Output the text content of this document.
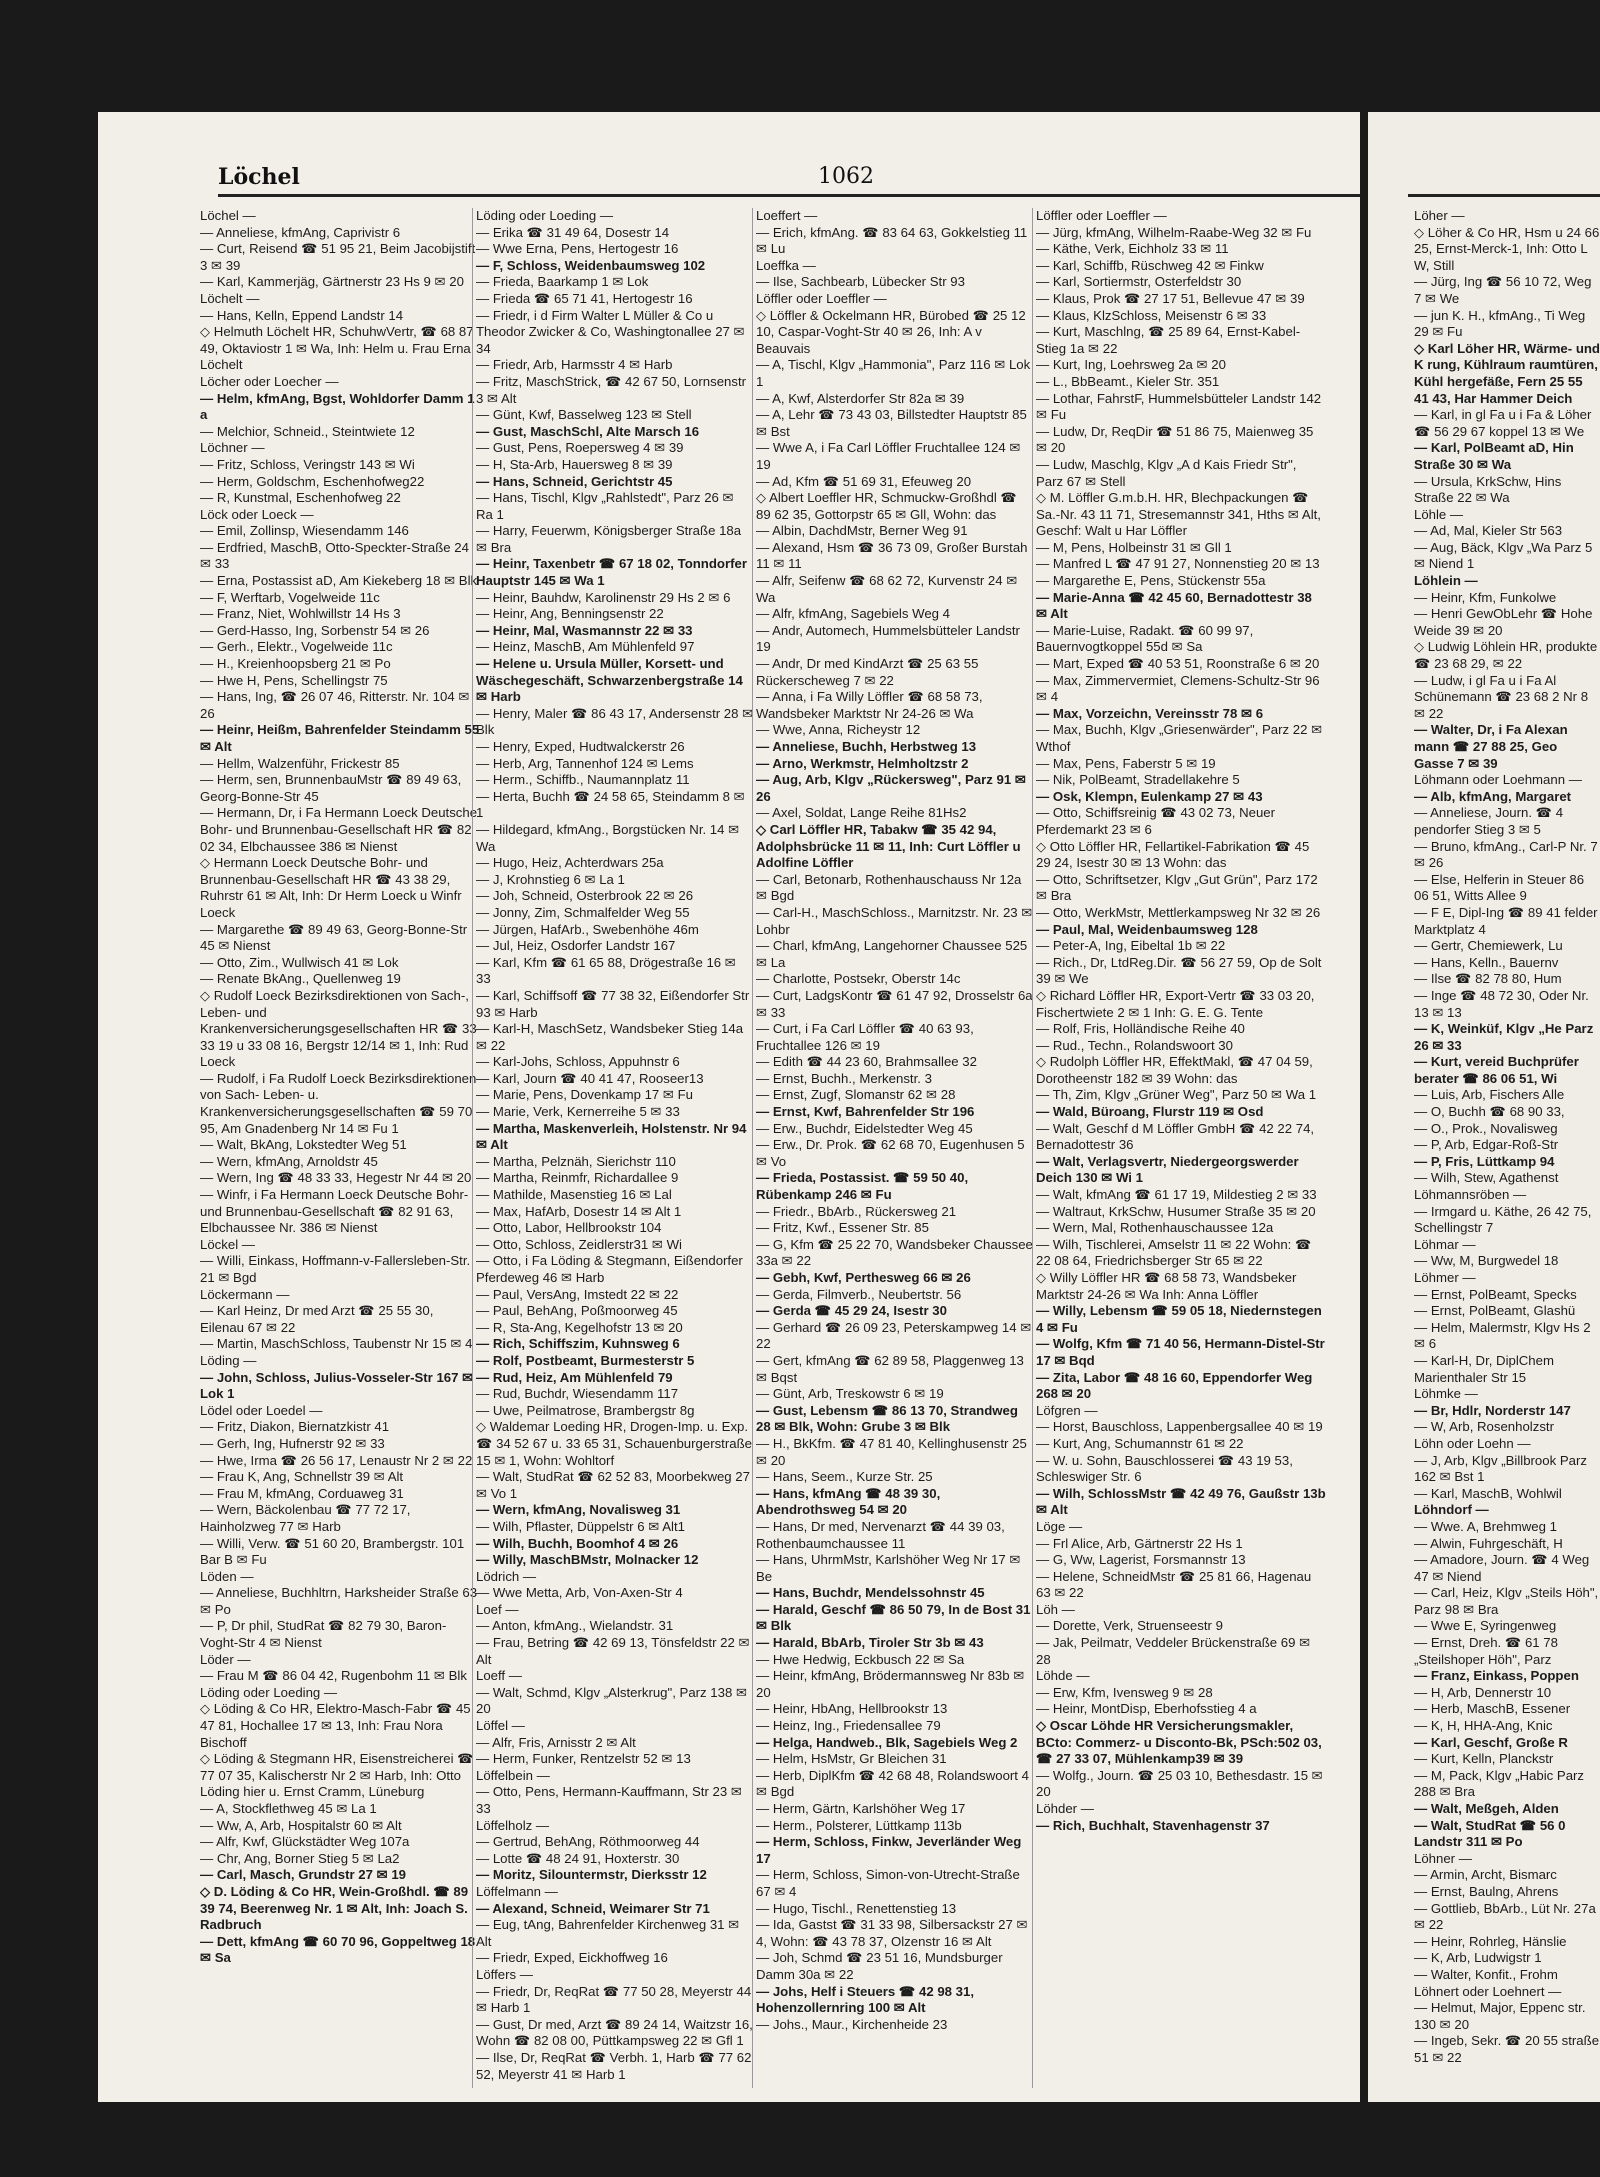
Löchel	1062
Löchel —
— Anneliese, kfmAng, Caprivistr 6
— Curt, Reisend ☎ 51 95 21, Beim Jacobijstift 3 ✉ 39
— Karl, Kammerjäg, Gärtnerstr 23 Hs 9 ✉ 20
Löchelt —
— Hans, Kelln, Eppend Landstr 14
◇ Helmuth Löchelt HR, SchuhwVertr, ☎ 68 87 49, Oktaviostr 1 ✉ Wa, Inh: Helm u. Frau Erna Löchelt
Löcher oder Loecher —
— Helm, kfmAng, Bgst, Wohldorfer Damm 1 a
— Melchior, Schneid., Steintwiete 12
Löchner —
— Fritz, Schloss, Veringstr 143 ✉ Wi
— Herm, Goldschm, Eschenhofweg22
— R, Kunstmal, Eschenhofweg 22
Löck oder Loeck —
— Emil, Zollinsp, Wiesendamm 146
— Erdfried, MaschB, Otto-Speckter-Straße 24 ✉ 33
— Erna, Postassist aD, Am Kiekeberg 18 ✉ Blk
— F, Werftarb, Vogelweide 11c
— Franz, Niet, Wohlwillstr 14 Hs 3
— Gerd-Hasso, Ing, Sorbenstr 54 ✉ 26
— Gerh., Elektr., Vogelweide 11c
— H., Kreienhoopsberg 21 ✉ Po
— Hwe H, Pens, Schellingstr 75
— Hans, Ing, ☎ 26 07 46, Ritterstr. Nr. 104 ✉ 26
— Heinr, Heißm, Bahrenfelder Steindamm 55 ✉ Alt
— Hellm, Walzenführ, Frickestr 85
— Herm, sen, BrunnenbauMstr ☎ 89 49 63, Georg-Bonne-Str 45
— Hermann, Dr, i Fa Hermann Loeck Deutsche Bohr- und Brunnenbau-Gesellschaft HR ☎ 82 02 34, Elbchaussee 386 ✉ Nienst
◇ Hermann Loeck Deutsche Bohr- und Brunnenbau-Gesellschaft HR ☎ 43 38 29, Ruhrstr 61 ✉ Alt, Inh: Dr Herm Loeck u Winfr Loeck
— Margarethe ☎ 89 49 63, Georg-Bonne-Str 45 ✉ Nienst
— Otto, Zim., Wullwisch 41 ✉ Lok
— Renate BkAng., Quellenweg 19
◇ Rudolf Loeck Bezirksdirektionen von Sach-, Leben- und Krankenversicherungsgesellschaften HR ☎ 33 33 19 u 33 08 16, Bergstr 12/14 ✉ 1, Inh: Rud Loeck
— Rudolf, i Fa Rudolf Loeck Bezirksdirektionen von Sach- Leben- u. Krankenversicherungsgesellschaften ☎ 59 70 95, Am Gnadenberg Nr 14 ✉ Fu 1
— Walt, BkAng, Lokstedter Weg 51
— Wern, kfmAng, Arnoldstr 45
— Wern, Ing ☎ 48 33 33, Hegestr Nr 44 ✉ 20
— Winfr, i Fa Hermann Loeck Deutsche Bohr- und Brunnenbau-Gesellschaft ☎ 82 91 63, Elbchaussee Nr. 386 ✉ Nienst
Löckel —
— Willi, Einkass, Hoffmann-v-Fallersleben-Str. 21 ✉ Bgd
Löckermann —
— Karl Heinz, Dr med Arzt ☎ 25 55 30, Eilenau 67 ✉ 22
— Martin, MaschSchloss, Taubenstr Nr 15 ✉ 4
Löding —
— John, Schloss, Julius-Vosseler-Str 167 ✉ Lok 1
Lödel oder Loedel —
— Fritz, Diakon, Biernatzkistr 41
— Gerh, Ing, Hufnerstr 92 ✉ 33
— Hwe, Irma ☎ 26 56 17, Lenaustr Nr 2 ✉ 22
— Frau K, Ang, Schnellstr 39 ✉ Alt
— Frau M, kfmAng, Corduaweg 31
— Wern, Bäckolenbau ☎ 77 72 17, Hainholzweg 77 ✉ Harb
— Willi, Verw. ☎ 51 60 20, Brambergstr. 101 Bar B ✉ Fu
Löden —
— Anneliese, Buchhltrn, Harksheider Straße 63 ✉ Po
— P, Dr phil, StudRat ☎ 82 79 30, Baron-Voght-Str 4 ✉ Nienst
Löder —
— Frau M ☎ 86 04 42, Rugenbohm 11 ✉ Blk
Löding oder Loeding —
◇ Löding & Co HR, Elektro-Masch-Fabr ☎ 45 47 81, Hochallee 17 ✉ 13, Inh: Frau Nora Bischoff
◇ Löding & Stegmann HR, Eisenstreicherei ☎ 77 07 35, Kalischerstr Nr 2 ✉ Harb, Inh: Otto Löding hier u. Ernst Cramm, Lüneburg
— A, Stockflethweg 45 ✉ La 1
— Ww, A, Arb, Hospitalstr 60 ✉ Alt
— Alfr, Kwf, Glückstädter Weg 107a
— Chr, Ang, Borner Stieg 5 ✉ La2
— Carl, Masch, Grundstr 27 ✉ 19
◇ D. Löding & Co HR, Wein-Großhdl. ☎ 89 39 74, Beerenweg Nr. 1 ✉ Alt, Inh: Joach S. Radbruch
— Dett, kfmAng ☎ 60 70 96, Goppeltweg 18 ✉ Sa
Löding oder Loeding —
— Erika ☎ 31 49 64, Dosestr 14
— Wwe Erna, Pens, Hertogestr 16
— F, Schloss, Weidenbaumsweg 102
— Frieda, Baarkamp 1 ✉ Lok
— Frieda ☎ 65 71 41, Hertogestr 16
— Friedr, i d Firm Walter L Müller & Co u Theodor Zwicker & Co, Washingtonallee 27 ✉ 34
— Friedr, Arb, Harmsstr 4 ✉ Harb
— Fritz, MaschStrick, ☎ 42 67 50, Lornsenstr 3 ✉ Alt
— Günt, Kwf, Basselweg 123 ✉ Stell
— Gust, MaschSchl, Alte Marsch 16
— Gust, Pens, Roepersweg 4 ✉ 39
— H, Sta-Arb, Hauersweg 8 ✉ 39
— Hans, Schneid, Gerichtstr 45
— Hans, Tischl, Klgv „Rahlstedt", Parz 26 ✉ Ra 1
— Harry, Feuerwm, Königsberger Straße 18a ✉ Bra
— Heinr, Taxenbetr ☎ 67 18 02, Tonndorfer Hauptstr 145 ✉ Wa 1
— Heinr, Bauhdw, Karolinenstr 29 Hs 2 ✉ 6
— Heinr, Ang, Benningsenstr 22
— Heinr, Mal, Wasmannstr 22 ✉ 33
— Heinz, MaschB, Am Mühlenfeld 97
— Helene u. Ursula Müller, Korsett- und Wäschegeschäft, Schwarzenbergstraße 14 ✉ Harb
— Henry, Maler ☎ 86 43 17, Andersenstr 28 ✉ Blk
— Henry, Exped, Hudtwalckerstr 26
— Herb, Arg, Tannenhof 124 ✉ Lems
— Herm., Schiffb., Naumannplatz 11
— Herta, Buchh ☎ 24 58 65, Steindamm 8 ✉ 1
— Hildegard, kfmAng., Borgstücken Nr. 14 ✉ Wa
— Hugo, Heiz, Achterdwars 25a
— J, Krohnstieg 6 ✉ La 1
— Joh, Schneid, Osterbrook 22 ✉ 26
— Jonny, Zim, Schmalfelder Weg 55
— Jürgen, HafArb., Swebenhöhe 46m
— Jul, Heiz, Osdorfer Landstr 167
— Karl, Kfm ☎ 61 65 88, Drögestraße 16 ✉ 33
— Karl, Schiffsoff ☎ 77 38 32, Eißendorfer Str 93 ✉ Harb
— Karl-H, MaschSetz, Wandsbeker Stieg 14a ✉ 22
— Karl-Johs, Schloss, Appuhnstr 6
— Karl, Journ ☎ 40 41 47, Rooseer13
— Marie, Pens, Dovenkamp 17 ✉ Fu
— Marie, Verk, Kernerreihe 5 ✉ 33
— Martha, Maskenverleih, Holstenstr. Nr 94 ✉ Alt
— Martha, Pelznäh, Sierichstr 110
— Martha, Reinmfr, Richardallee 9
— Mathilde, Masenstieg 16 ✉ Lal
— Max, HafArb, Dosestr 14 ✉ Alt 1
— Otto, Labor, Hellbrookstr 104
— Otto, Schloss, Zeidlerstr31 ✉ Wi
— Otto, i Fa Löding & Stegmann, Eißendorfer Pferdeweg 46 ✉ Harb
— Paul, VersAng, Imstedt 22 ✉ 22
— Paul, BehAng, Poßmoorweg 45
— R, Sta-Ang, Kegelhofstr 13 ✉ 20
— Rich, Schiffszim, Kuhnsweg 6
— Rolf, Postbeamt, Burmesterstr 5
— Rud, Heiz, Am Mühlenfeld 79
— Rud, Buchdr, Wiesendamm 117
— Uwe, Peilmatrose, Brambergstr 8g
◇ Waldemar Loeding HR, Drogen-Imp. u. Exp. ☎ 34 52 67 u. 33 65 31, Schauenburgerstraße 15 ✉ 1, Wohn: Wohltorf
— Walt, StudRat ☎ 62 52 83, Moorbekweg 27 ✉ Vo 1
— Wern, kfmAng, Novalisweg 31
— Wilh, Pflaster, Düppelstr 6 ✉ Alt1
— Wilh, Buchh, Boomhof 4 ✉ 26
— Willy, MaschBMstr, Molnacker 12
Lödrich —
— Wwe Metta, Arb, Von-Axen-Str 4
Loef —
— Anton, kfmAng., Wielandstr. 31
— Frau, Betring ☎ 42 69 13, Tönsfeldstr 22 ✉ Alt
Loeff —
— Walt, Schmd, Klgv „Alsterkrug", Parz 138 ✉ 20
Löffel —
— Alfr, Fris, Arnisstr 2 ✉ Alt
— Herm, Funker, Rentzelstr 52 ✉ 13
Löffelbein —
— Otto, Pens, Hermann-Kauffmann, Str 23 ✉ 33
Löffelholz —
— Gertrud, BehAng, Röthmoorweg 44
— Lotte ☎ 48 24 91, Hoxterstr. 30
— Moritz, Silountermstr, Dierksstr 12
Löffelmann —
— Alexand, Schneid, Weimarer Str 71
— Eug, tAng, Bahrenfelder Kirchenweg 31 ✉ Alt
— Friedr, Exped, Eickhoffweg 16
Löffers —
— Friedr, Dr, ReqRat ☎ 77 50 28, Meyerstr 44 ✉ Harb 1
— Gust, Dr med, Arzt ☎ 89 24 14, Waitzstr 16, Wohn ☎ 82 08 00, Püttkampsweg 22 ✉ Gfl 1
— Ilse, Dr, ReqRat ☎ Verbh. 1, Harb ☎ 77 62 52, Meyerstr 41 ✉ Harb 1
Loeffert —
— Erich, kfmAng. ☎ 83 64 63, Gokkelstieg 11 ✉ Lu
Loeffka —
— Ilse, Sachbearb, Lübecker Str 93
Löffler oder Loeffler —
◇ Löffler & Ockelmann HR, Bürobed ☎ 25 12 10, Caspar-Voght-Str 40 ✉ 26, Inh: A v Beauvais
— A, Tischl, Klgv „Hammonia", Parz 116 ✉ Lok 1
— A, Kwf, Alsterdorfer Str 82a ✉ 39
— A, Lehr ☎ 73 43 03, Billstedter Hauptstr 85 ✉ Bst
— Wwe A, i Fa Carl Löffler Fruchtallee 124 ✉ 19
— Ad, Kfm ☎ 51 69 31, Efeuweg 20
◇ Albert Loeffler HR, Schmuckw-Großhdl ☎ 89 62 35, Gottorpstr 65 ✉ Gll, Wohn: das
— Albin, DachdMstr, Berner Weg 91
— Alexand, Hsm ☎ 36 73 09, Großer Burstah 11 ✉ 11
— Alfr, Seifenw ☎ 68 62 72, Kurvenstr 24 ✉ Wa
— Alfr, kfmAng, Sagebiels Weg 4
— Andr, Automech, Hummelsbütteler Landstr 19
— Andr, Dr med KindArzt ☎ 25 63 55 Rückerscheweg 7 ✉ 22
— Anna, i Fa Willy Löffler ☎ 68 58 73, Wandsbeker Marktstr Nr 24-26 ✉ Wa
— Wwe, Anna, Richeystr 12
— Anneliese, Buchh, Herbstweg 13
— Arno, Werkmstr, Helmholtzstr 2
— Aug, Arb, Klgv „Rückersweg", Parz 91 ✉ 26
— Axel, Soldat, Lange Reihe 81Hs2
◇ Carl Löffler HR, Tabakw ☎ 35 42 94, Adolphsbrücke 11 ✉ 11, Inh: Curt Löffler u Adolfine Löffler
— Carl, Betonarb, Rothenhauschauss Nr 12a ✉ Bgd
— Carl-H., MaschSchloss., Marnitzstr. Nr. 23 ✉ Lohbr
— Charl, kfmAng, Langehorner Chaussee 525 ✉ La
— Charlotte, Postsekr, Oberstr 14c
— Curt, LadgsKontr ☎ 61 47 92, Drosselstr 6a ✉ 33
— Curt, i Fa Carl Löffler ☎ 40 63 93, Fruchtallee 126 ✉ 19
— Edith ☎ 44 23 60, Brahmsallee 32
— Ernst, Buchh., Merkenstr. 3
— Ernst, Zugf, Slomanstr 62 ✉ 28
— Ernst, Kwf, Bahrenfelder Str 196
— Erw., Buchdr, Eidelstedter Weg 45
— Erw., Dr. Prok. ☎ 62 68 70, Eugenhusen 5 ✉ Vo
— Frieda, Postassist. ☎ 59 50 40, Rübenkamp 246 ✉ Fu
— Friedr., BbArb., Rückersweg 21
— Fritz, Kwf., Essener Str. 85
— G, Kfm ☎ 25 22 70, Wandsbeker Chaussee 33a ✉ 22
— Gebh, Kwf, Perthesweg 66 ✉ 26
— Gerda, Filmverb., Neubertstr. 56
— Gerda ☎ 45 29 24, Isestr 30
— Gerhard ☎ 26 09 23, Peterskampweg 14 ✉ 22
— Gert, kfmAng ☎ 62 89 58, Plaggenweg 13 ✉ Bqst
— Günt, Arb, Treskowstr 6 ✉ 19
— Gust, Lebensm ☎ 86 13 70, Strandweg 28 ✉ Blk, Wohn: Grube 3 ✉ Blk
— H., BkKfm. ☎ 47 81 40, Kellinghusenstr 25 ✉ 20
— Hans, Seem., Kurze Str. 25
— Hans, kfmAng ☎ 48 39 30, Abendrothsweg 54 ✉ 20
— Hans, Dr med, Nervenarzt ☎ 44 39 03, Rothenbaumchaussee 11
— Hans, UhrmMstr, Karlshöher Weg Nr 17 ✉ Be
— Hans, Buchdr, Mendelssohnstr 45
— Harald, Geschf ☎ 86 50 79, In de Bost 31 ✉ Blk
— Harald, BbArb, Tiroler Str 3b ✉ 43
— Hwe Hedwig, Eckbusch 22 ✉ Sa
— Heinr, kfmAng, Brödermannsweg Nr 83b ✉ 20
— Heinr, HbAng, Hellbrookstr 13
— Heinz, Ing., Friedensallee 79
— Helga, Handweb., Blk, Sagebiels Weg 2
— Helm, HsMstr, Gr Bleichen 31
— Herb, DiplKfm ☎ 42 68 48, Rolandswoort 4 ✉ Bgd
— Herm, Gärtn, Karlshöher Weg 17
— Herm., Polsterer, Lüttkamp 113b
— Herm, Schloss, Finkw, Jeverländer Weg 17
— Herm, Schloss, Simon-von-Utrecht-Straße 67 ✉ 4
— Hugo, Tischl., Renettenstieg 13
— Ida, Gastst ☎ 31 33 98, Silbersackstr 27 ✉ 4, Wohn: ☎ 43 78 37, Olzenstr 16 ✉ Alt
— Joh, Schmd ☎ 23 51 16, Mundsburger Damm 30a ✉ 22
— Johs, Helf i Steuers ☎ 42 98 31, Hohenzollernring 100 ✉ Alt
— Johs., Maur., Kirchenheide 23
Löffler oder Loeffler —
— Jürg, kfmAng, Wilhelm-Raabe-Weg 32 ✉ Fu
— Käthe, Verk, Eichholz 33 ✉ 11
— Karl, Schiffb, Rüschweg 42 ✉ Finkw
— Karl, Sortiermstr, Osterfeldstr 30
— Klaus, Prok ☎ 27 17 51, Bellevue 47 ✉ 39
— Klaus, KlzSchloss, Meisenstr 6 ✉ 33
— Kurt, Maschlng, ☎ 25 89 64, Ernst-Kabel-Stieg 1a ✉ 22
— Kurt, Ing, Loehrsweg 2a ✉ 20
— L., BbBeamt., Kieler Str. 351
— Lothar, FahrstF, Hummelsbütteler Landstr 142 ✉ Fu
— Ludw, Dr, ReqDir ☎ 51 86 75, Maienweg 35 ✉ 20
— Ludw, Maschlg, Klgv „A d Kais Friedr Str", Parz 67 ✉ Stell
◇ M. Löffler G.m.b.H. HR, Blechpackungen ☎ Sa.-Nr. 43 11 71, Stresemannstr 341, Hths ✉ Alt, Geschf: Walt u Har Löffler
— M, Pens, Holbeinstr 31 ✉ Gll 1
— Manfred L ☎ 47 91 27, Nonnenstieg 20 ✉ 13
— Margarethe E, Pens, Stückenstr 55a
— Marie-Anna ☎ 42 45 60, Bernadottestr 38 ✉ Alt
— Marie-Luise, Radakt. ☎ 60 99 97, Bauernvogtkoppel 55d ✉ Sa
— Mart, Exped ☎ 40 53 51, Roonstraße 6 ✉ 20
— Max, Zimmervermiet, Clemens-Schultz-Str 96 ✉ 4
— Max, Vorzeichn, Vereinsstr 78 ✉ 6
— Max, Buchh, Klgv „Griesenwärder", Parz 22 ✉ Wthof
— Max, Pens, Faberstr 5 ✉ 19
— Nik, PolBeamt, Stradellakehre 5
— Osk, Klempn, Eulenkamp 27 ✉ 43
— Otto, Schiffsreinig ☎ 43 02 73, Neuer Pferdemarkt 23 ✉ 6
◇ Otto Löffler HR, Fellartikel-Fabrikation ☎ 45 29 24, Isestr 30 ✉ 13 Wohn: das
— Otto, Schriftsetzer, Klgv „Gut Grün", Parz 172 ✉ Bra
— Otto, WerkMstr, Mettlerkampsweg Nr 32 ✉ 26
— Paul, Mal, Weidenbaumsweg 128
— Peter-A, Ing, Eibeltal 1b ✉ 22
— Rich., Dr, LtdReg.Dir. ☎ 56 27 59, Op de Solt 39 ✉ We
◇ Richard Löffler HR, Export-Vertr ☎ 33 03 20, Fischertwiete 2 ✉ 1 Inh: G. E. G. Tente
— Rolf, Fris, Holländische Reihe 40
— Rud., Techn., Rolandswoort 30
◇ Rudolph Löffler HR, EffektMakl, ☎ 47 04 59, Dorotheenstr 182 ✉ 39 Wohn: das
— Th, Zim, Klgv „Grüner Weg", Parz 50 ✉ Wa 1
— Wald, Büroang, Flurstr 119 ✉ Osd
— Walt, Geschf d M Löffler GmbH ☎ 42 22 74, Bernadottestr 36
— Walt, Verlagsvertr, Niedergeorgswerder Deich 130 ✉ Wi 1
— Walt, kfmAng ☎ 61 17 19, Mildestieg 2 ✉ 33
— Waltraut, KrkSchw, Husumer Straße 35 ✉ 20
— Wern, Mal, Rothenhauschaussee 12a
— Wilh, Tischlerei, Amselstr 11 ✉ 22 Wohn: ☎ 22 08 64, Friedrichsberger Str 65 ✉ 22
◇ Willy Löffler HR ☎ 68 58 73, Wandsbeker Marktstr 24-26 ✉ Wa Inh: Anna Löffler
— Willy, Lebensm ☎ 59 05 18, Niedernstegen 4 ✉ Fu
— Wolfg, Kfm ☎ 71 40 56, Hermann-Distel-Str 17 ✉ Bqd
— Zita, Labor ☎ 48 16 60, Eppendorfer Weg 268 ✉ 20
Löfgren —
— Horst, Bauschloss, Lappenbergsallee 40 ✉ 19
— Kurt, Ang, Schumannstr 61 ✉ 22
— W. u. Sohn, Bauschlosserei ☎ 43 19 53, Schleswiger Str. 6
— Wilh, SchlossMstr ☎ 42 49 76, Gaußstr 13b ✉ Alt
Löge —
— Frl Alice, Arb, Gärtnerstr 22 Hs 1
— G, Ww, Lagerist, Forsmannstr 13
— Helene, SchneidMstr ☎ 25 81 66, Hagenau 63 ✉ 22
Löh —
— Dorette, Verk, Struenseestr 9
— Jak, Peilmatr, Veddeler Brückenstraße 69 ✉ 28
Löhde —
— Erw, Kfm, Ivensweg 9 ✉ 28
— Heinr, MontDisp, Eberhofsstieg 4 a
◇ Oscar Löhde HR Versicherungsmakler, BCto: Commerz- u Disconto-Bk, PSch:502 03, ☎ 27 33 07, Mühlenkamp39 ✉ 39
— Wolfg., Journ. ☎ 25 03 10, Bethesdastr. 15 ✉ 20
Löhder —
— Rich, Buchhalt, Stavenhagenstr 37
Löher —
◇ Löher & Co HR, Hsm u 24 66 25, Ernst-Merck-1, Inh: Otto L W, Still
— Jürg, Ing ☎ 56 10 72, Weg 7 ✉ We
— jun K. H., kfmAng., Ti Weg 29 ✉ Fu
◇ Karl Löher HR, Wärme- und K rung, Kühlraum raumtüren, Kühl hergefäße, Fern 25 55 41 43, Har Hammer Deich
— Karl, in gl Fa u i Fa & Löher ☎ 56 29 67 koppel 13 ✉ We
— Karl, PolBeamt aD, Hin Straße 30 ✉ Wa
— Ursula, KrkSchw, Hins Straße 22 ✉ Wa
Löhle —
— Ad, Mal, Kieler Str 563
— Aug, Bäck, Klgv „Wa Parz 5 ✉ Niend 1
Löhlein —
— Heinr, Kfm, Funkolwe
— Henri GewObLehr ☎ Hohe Weide 39 ✉ 20
◇ Ludwig Löhlein HR, produkte ☎ 23 68 29, ✉ 22
— Ludw, i gl Fa u i Fa Al Schünemann ☎ 23 68 2 Nr 8 ✉ 22
— Walter, Dr, i Fa Alexan mann ☎ 27 88 25, Geo Gasse 7 ✉ 39
Löhmann oder Loehmann —
— Alb, kfmAng, Margaret
— Anneliese, Journ. ☎ 4 pendorfer Stieg 3 ✉ 5
— Bruno, kfmAng., Carl-P Nr. 7 ✉ 26
— Else, Helferin in Steuer 86 06 51, Witts Allee 9
— F E, Dipl-Ing ☎ 89 41 felder Marktplatz 4
— Gertr, Chemiewerk, Lu
— Hans, Kelln., Bauernv
— Ilse ☎ 82 78 80, Hum
— Inge ☎ 48 72 30, Oder Nr. 13 ✉ 13
— K, Weinküf, Klgv „He Parz 26 ✉ 33
— Kurt, vereid Buchprüfer berater ☎ 86 06 51, Wi
— Luis, Arb, Fischers Alle
— O, Buchh ☎ 68 90 33,
— O., Prok., Novalisweg
— P, Arb, Edgar-Roß-Str
— P, Fris, Lüttkamp 94
— Wilh, Stew, Agathenst
Löhmannsröben —
— Irmgard u. Käthe, 26 42 75, Schellingstr 7
Löhmar —
— Ww, M, Burgwedel 18
Löhmer —
— Ernst, PolBeamt, Specks
— Ernst, PolBeamt, Glashü
— Helm, Malermstr, Klgv Hs 2 ✉ 6
— Karl-H, Dr, DiplChem Marienthaler Str 15
Löhmke —
— Br, Hdlr, Norderstr 147
— W, Arb, Rosenholzstr
Löhn oder Loehn —
— J, Arb, Klgv „Billbrook Parz 162 ✉ Bst 1
— Karl, MaschB, Wohlwil
Löhndorf —
— Wwe. A, Brehmweg 1
— Alwin, Fuhrgeschäft, H
— Amadore, Journ. ☎ 4 Weg 47 ✉ Niend
— Carl, Heiz, Klgv „Steils Höh", Parz 98 ✉ Bra
— Wwe E, Syringenweg
— Ernst, Dreh. ☎ 61 78 „Steilshoper Höh", Parz
— Franz, Einkass, Poppen
— H, Arb, Dennerstr 10
— Herb, MaschB, Essener
— K, H, HHA-Ang, Knic
— Karl, Geschf, Große R
— Kurt, Kelln, Planckstr
— M, Pack, Klgv „Habic Parz 288 ✉ Bra
— Walt, Meßgeh, Alden
— Walt, StudRat ☎ 56 0 Landstr 311 ✉ Po
Löhner —
— Armin, Archt, Bismarc
— Ernst, Baulng, Ahrens
— Gottlieb, BbArb., Lüt Nr. 27a ✉ 22
— Heinr, Rohrleg, Hänslie
— K, Arb, Ludwigstr 1
— Walter, Konfit., Frohm
Löhnert oder Loehnert —
— Helmut, Major, Eppenc str. 130 ✉ 20
— Ingeb, Sekr. ☎ 20 55 straße 51 ✉ 22
